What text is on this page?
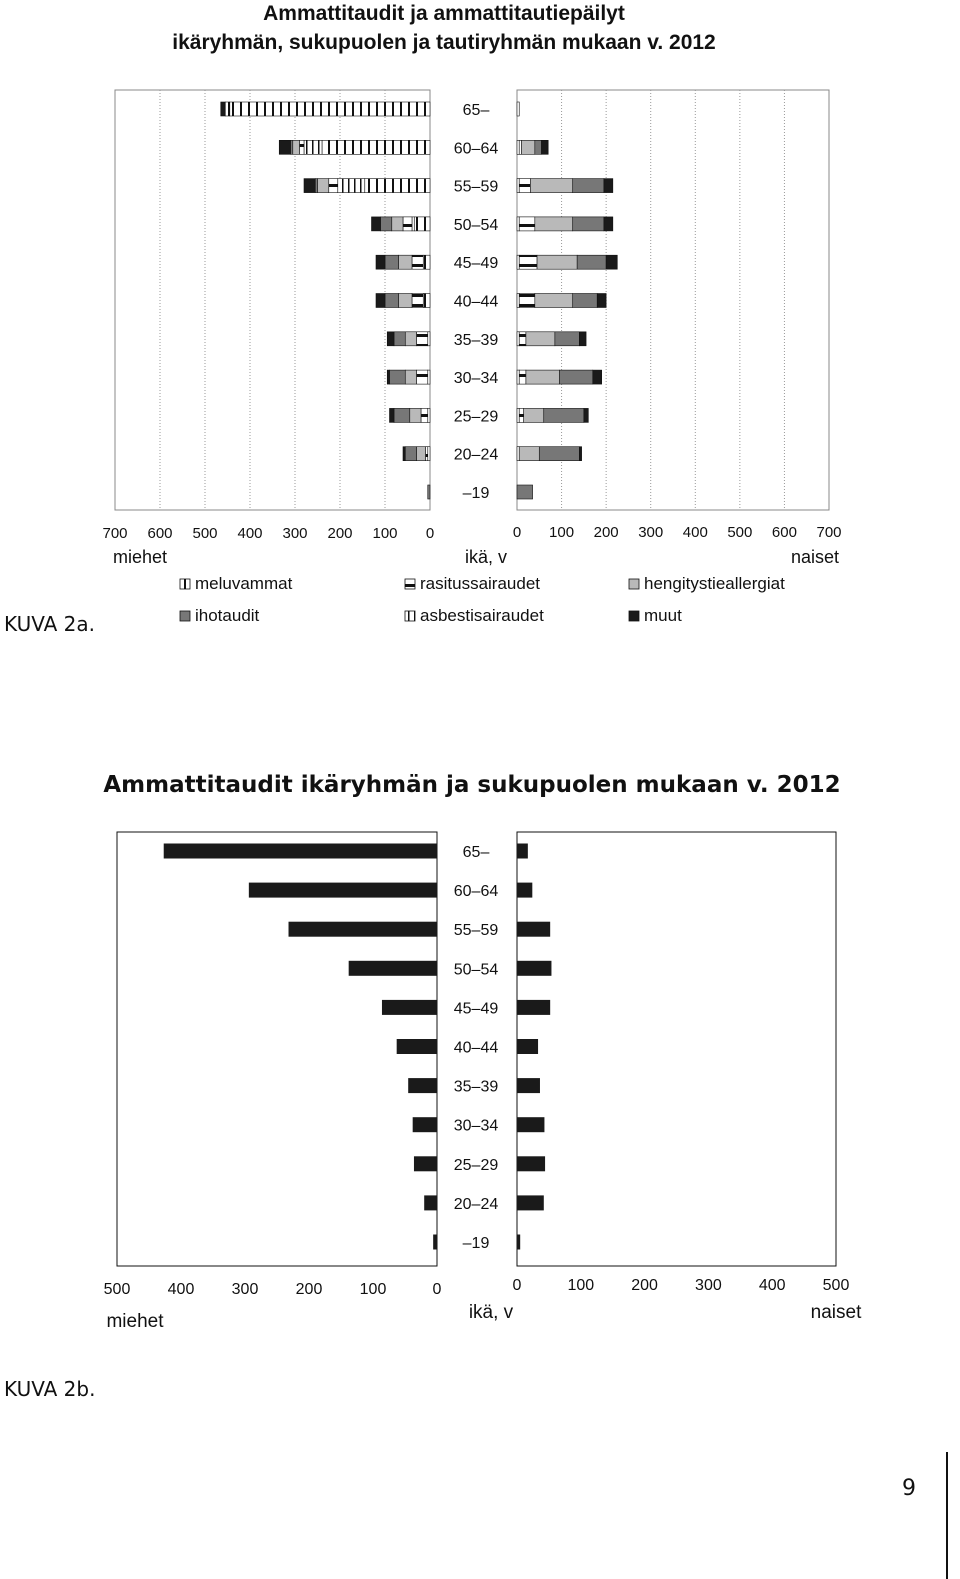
Ammattitaudit ja ammattitautiepäilyt
ikäryhmän, sukupuolen ja tautiryhmän mukaan v. 2012
0	0
100	100
200	200
300	300
400	400
500	500
600	600
700	700
miehet	ikä, v	naiset
65–
60–64
55–59
50–54
45–49
40–44
35–39
30–34
25–29
20–24
–19
meluvammat	rasitussairaudet	hengitystieallergiat
ihotaudit	asbestisairaudet	muut
KUVA 2a.
Ammattitaudit ikäryhmän ja sukupuolen mukaan v. 2012
0	0
100	100
200	200
300	300
400	400
500	500
miehet	ikä, v	naiset
65–
60–64
55–59
50–54
45–49
40–44
35–39
30–34
25–29
20–24
–19
KUVA 2b.
9
